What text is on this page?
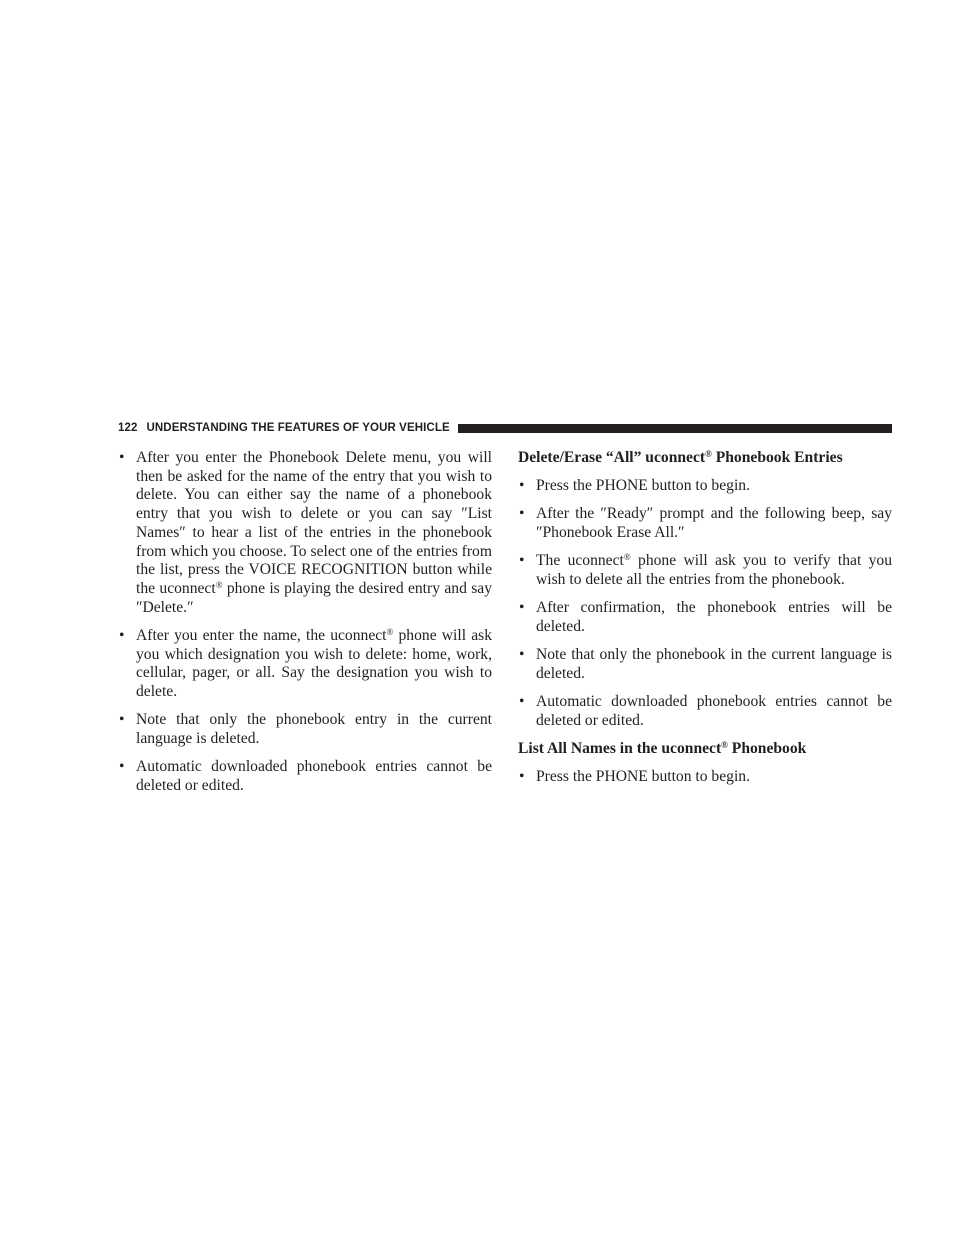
122 UNDERSTANDING THE FEATURES OF YOUR VEHICLE
• After you enter the Phonebook Delete menu, you will then be asked for the name of the entry that you wish to delete. You can either say the name of a phonebook entry that you wish to delete or you can say ″List Names″ to hear a list of the entries in the phonebook from which you choose. To select one of the entries from the list, press the VOICE RECOGNITION button while the uconnect® phone is playing the desired entry and say ″Delete.″
• After you enter the name, the uconnect® phone will ask you which designation you wish to delete: home, work, cellular, pager, or all. Say the designation you wish to delete.
• Note that only the phonebook entry in the current language is deleted.
• Automatic downloaded phonebook entries cannot be deleted or edited.
Delete/Erase “All” uconnect® Phonebook Entries
• Press the PHONE button to begin.
• After the ″Ready″ prompt and the following beep, say ″Phonebook Erase All.″
• The uconnect® phone will ask you to verify that you wish to delete all the entries from the phonebook.
• After confirmation, the phonebook entries will be deleted.
• Note that only the phonebook in the current language is deleted.
• Automatic downloaded phonebook entries cannot be deleted or edited.
List All Names in the uconnect® Phonebook
• Press the PHONE button to begin.
